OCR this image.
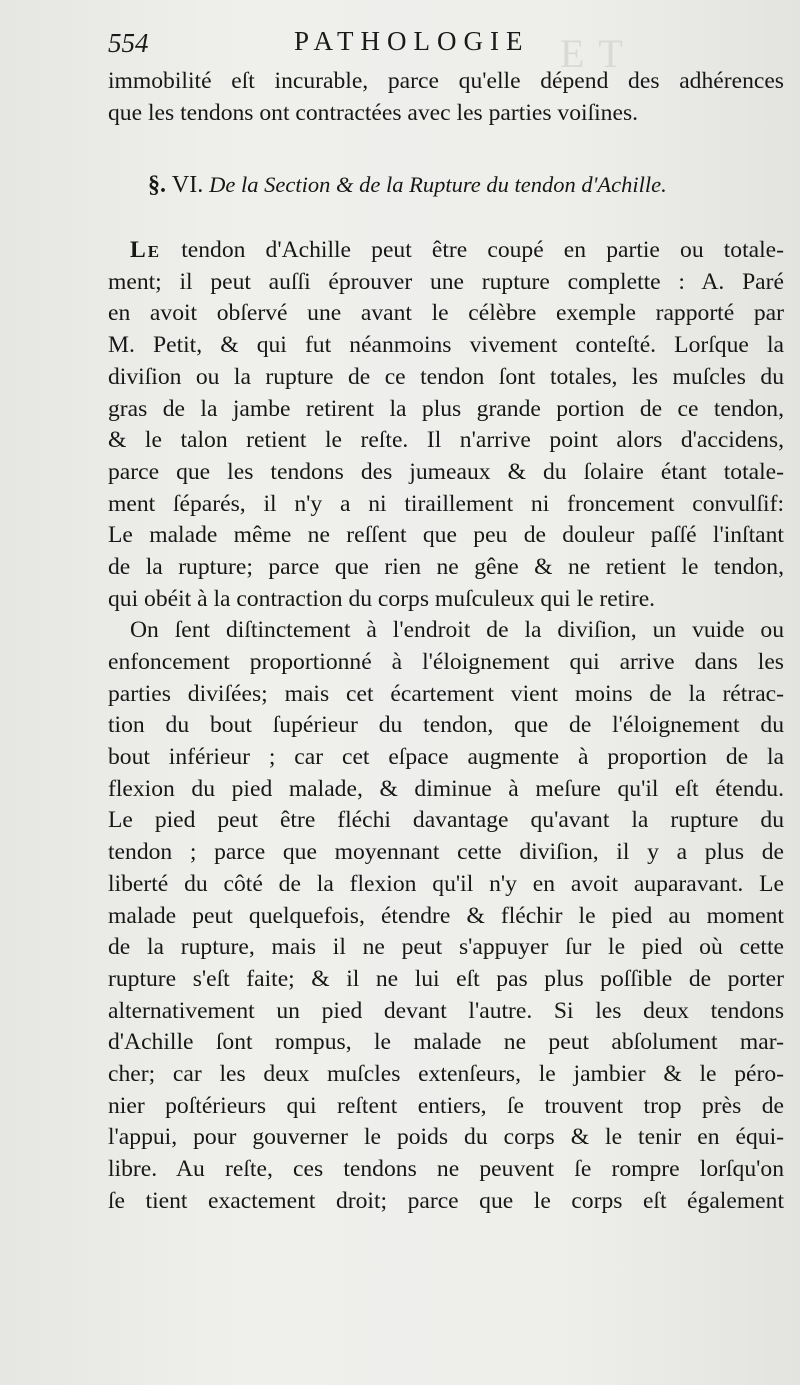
ET
554	PATHOLOGIE
immobilité eſt incurable, parce qu'elle dépend des adhérences
que les tendons ont contractées avec les parties voiſines.
§. VI. De la Section & de la Rupture du tendon d'Achille.
Le tendon d'Achille peut être coupé en partie ou totale-
ment; il peut auſſi éprouver une rupture complette : A. Paré
en avoit obſervé une avant le célèbre exemple rapporté par
M. Petit, & qui fut néanmoins vivement conteſté. Lorſque la
diviſion ou la rupture de ce tendon ſont totales, les muſcles du
gras de la jambe retirent la plus grande portion de ce tendon,
& le talon retient le reſte. Il n'arrive point alors d'accidens,
parce que les tendons des jumeaux & du ſolaire étant totale-
ment ſéparés, il n'y a ni tiraillement ni froncement convulſif:
Le malade même ne reſſent que peu de douleur paſſé l'inſtant
de la rupture; parce que rien ne gêne & ne retient le tendon,
qui obéit à la contraction du corps muſculeux qui le retire.
On ſent diſtinctement à l'endroit de la diviſion, un vuide ou
enfoncement proportionné à l'éloignement qui arrive dans les
parties diviſées; mais cet écartement vient moins de la rétrac-
tion du bout ſupérieur du tendon, que de l'éloignement du
bout inférieur ; car cet eſpace augmente à proportion de la
flexion du pied malade, & diminue à meſure qu'il eſt étendu.
Le pied peut être fléchi davantage qu'avant la rupture du
tendon ; parce que moyennant cette diviſion, il y a plus de
liberté du côté de la flexion qu'il n'y en avoit auparavant. Le
malade peut quelquefois, étendre & fléchir le pied au moment
de la rupture, mais il ne peut s'appuyer ſur le pied où cette
rupture s'eſt faite; & il ne lui eſt pas plus poſſible de porter
alternativement un pied devant l'autre. Si les deux tendons
d'Achille ſont rompus, le malade ne peut abſolument mar-
cher; car les deux muſcles extenſeurs, le jambier & le péro-
nier poſtérieurs qui reſtent entiers, ſe trouvent trop près de
l'appui, pour gouverner le poids du corps & le tenir en équi-
libre. Au reſte, ces tendons ne peuvent ſe rompre lorſqu'on
ſe tient exactement droit; parce que le corps eſt également
